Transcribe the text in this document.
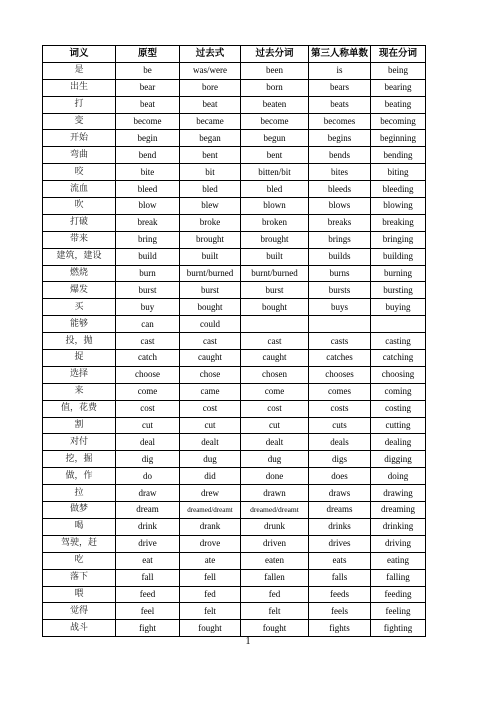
词义	原型	过去式	过去分词	第三人称单数	现在分词
是	be	was/were	been	is	being
出生	bear	bore	born	bears	bearing
打	beat	beat	beaten	beats	beating
变	become	became	become	becomes	becoming
开始	begin	began	begun	begins	beginning
弯曲	bend	bent	bent	bends	bending
咬	bite	bit	bitten/bit	bites	biting
流血	bleed	bled	bled	bleeds	bleeding
吹	blow	blew	blown	blows	blowing
打破	break	broke	broken	breaks	breaking
带来	bring	brought	brought	brings	bringing
建筑，建设	build	built	built	builds	building
燃烧	burn	burnt/burned	burnt/burned	burns	burning
爆发	burst	burst	burst	bursts	bursting
买	buy	bought	bought	buys	buying
能够	can	could			
投，抛	cast	cast	cast	casts	casting
捉	catch	caught	caught	catches	catching
选择	choose	chose	chosen	chooses	choosing
来	come	came	come	comes	coming
值，花费	cost	cost	cost	costs	costing
割	cut	cut	cut	cuts	cutting
对付	deal	dealt	dealt	deals	dealing
挖，掘	dig	dug	dug	digs	digging
做，作	do	did	done	does	doing
拉	draw	drew	drawn	draws	drawing
做梦	dream	dreamed/dreamt	dreamed/dreamt	dreams	dreaming
喝	drink	drank	drunk	drinks	drinking
驾驶，赶	drive	drove	driven	drives	driving
吃	eat	ate	eaten	eats	eating
落下	fall	fell	fallen	falls	falling
喂	feed	fed	fed	feeds	feeding
觉得	feel	felt	felt	feels	feeling
战斗	fight	fought	fought	fights	fighting
1
